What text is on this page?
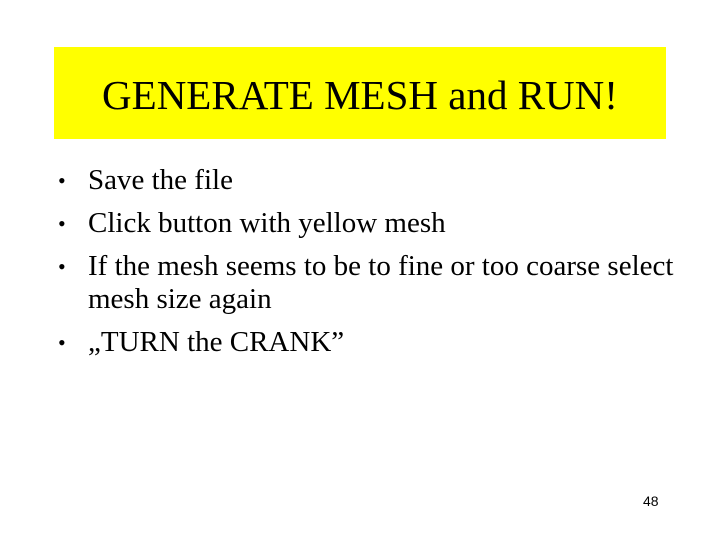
GENERATE MESH and RUN!
• Save the file
• Click button with yellow mesh
• If the mesh seems to be to fine or too coarse select mesh size again
• „TURN the CRANK”
48
